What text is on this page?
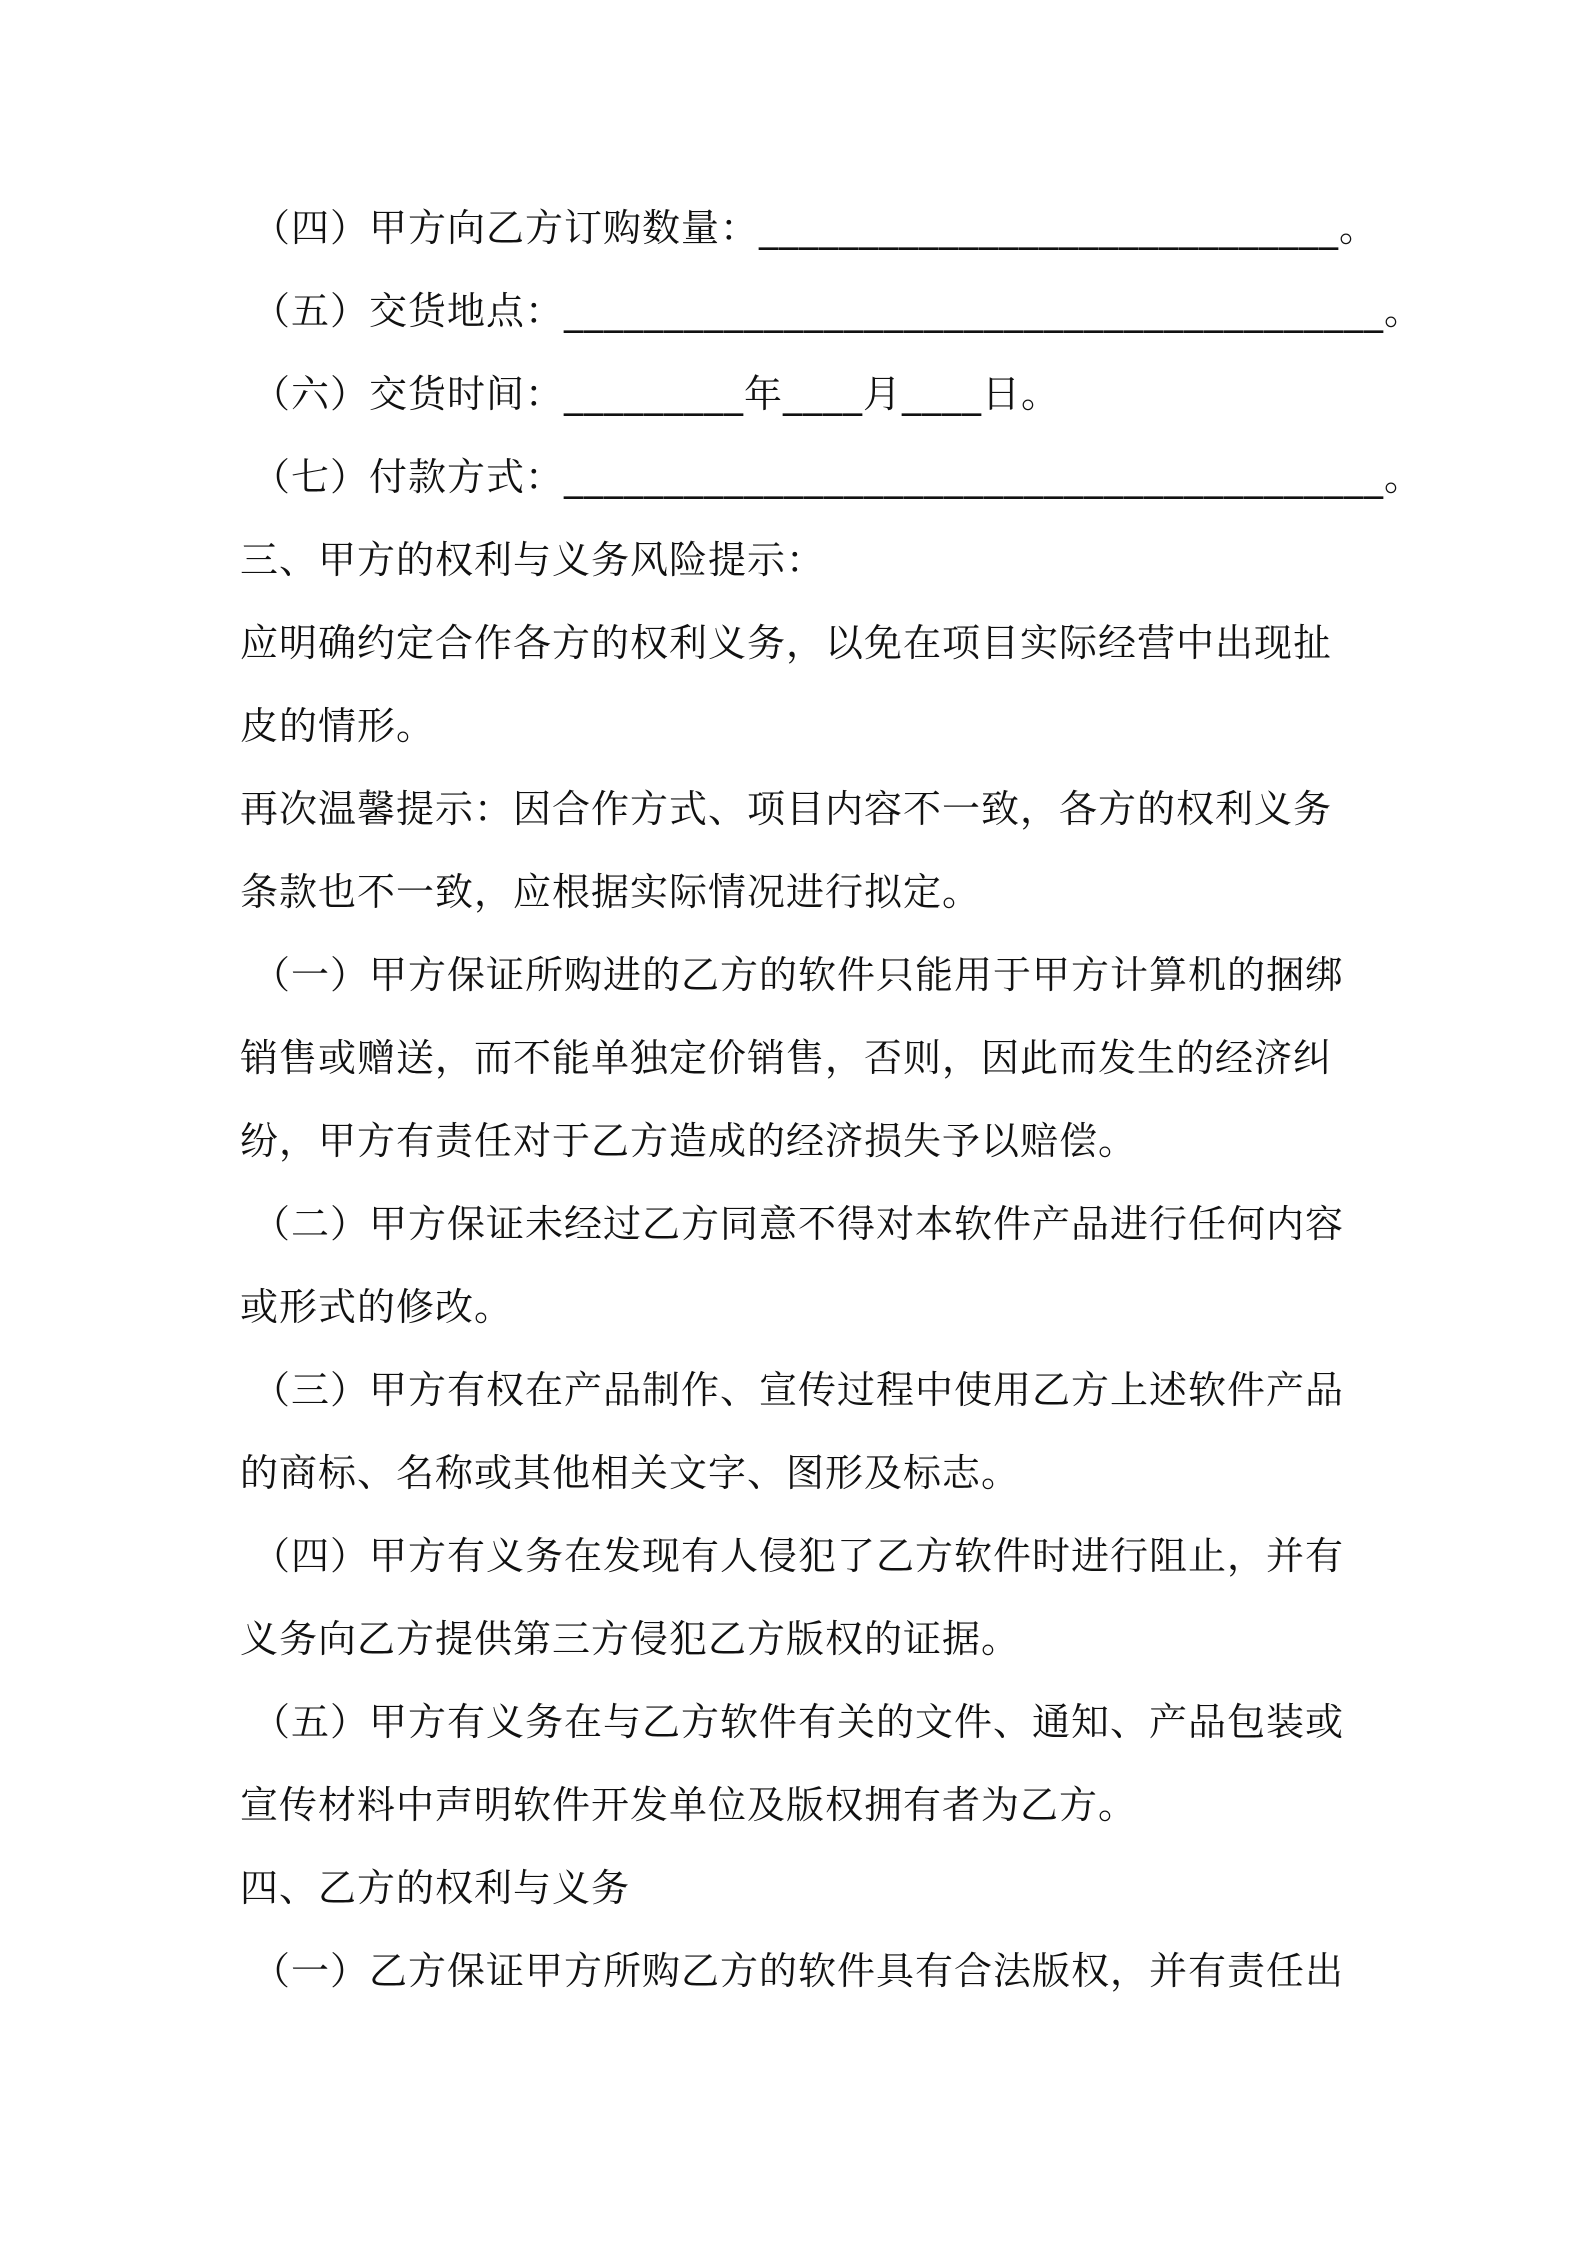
（四）甲方向乙方订购数量：_____________________________。
（五）交货地点：_________________________________________。
（六）交货时间：_________年____月____日。
（七）付款方式：_________________________________________。
三、甲方的权利与义务风险提示：
应明确约定合作各方的权利义务，以免在项目实际经营中出现扯
皮的情形。
再次温馨提示：因合作方式、项目内容不一致，各方的权利义务
条款也不一致，应根据实际情况进行拟定。
（一）甲方保证所购进的乙方的软件只能用于甲方计算机的捆绑
销售或赠送，而不能单独定价销售，否则，因此而发生的经济纠
纷，甲方有责任对于乙方造成的经济损失予以赔偿。
（二）甲方保证未经过乙方同意不得对本软件产品进行任何内容
或形式的修改。
（三）甲方有权在产品制作、宣传过程中使用乙方上述软件产品
的商标、名称或其他相关文字、图形及标志。
（四）甲方有义务在发现有人侵犯了乙方软件时进行阻止，并有
义务向乙方提供第三方侵犯乙方版权的证据。
（五）甲方有义务在与乙方软件有关的文件、通知、产品包装或
宣传材料中声明软件开发单位及版权拥有者为乙方。
四、乙方的权利与义务
（一）乙方保证甲方所购乙方的软件具有合法版权，并有责任出
